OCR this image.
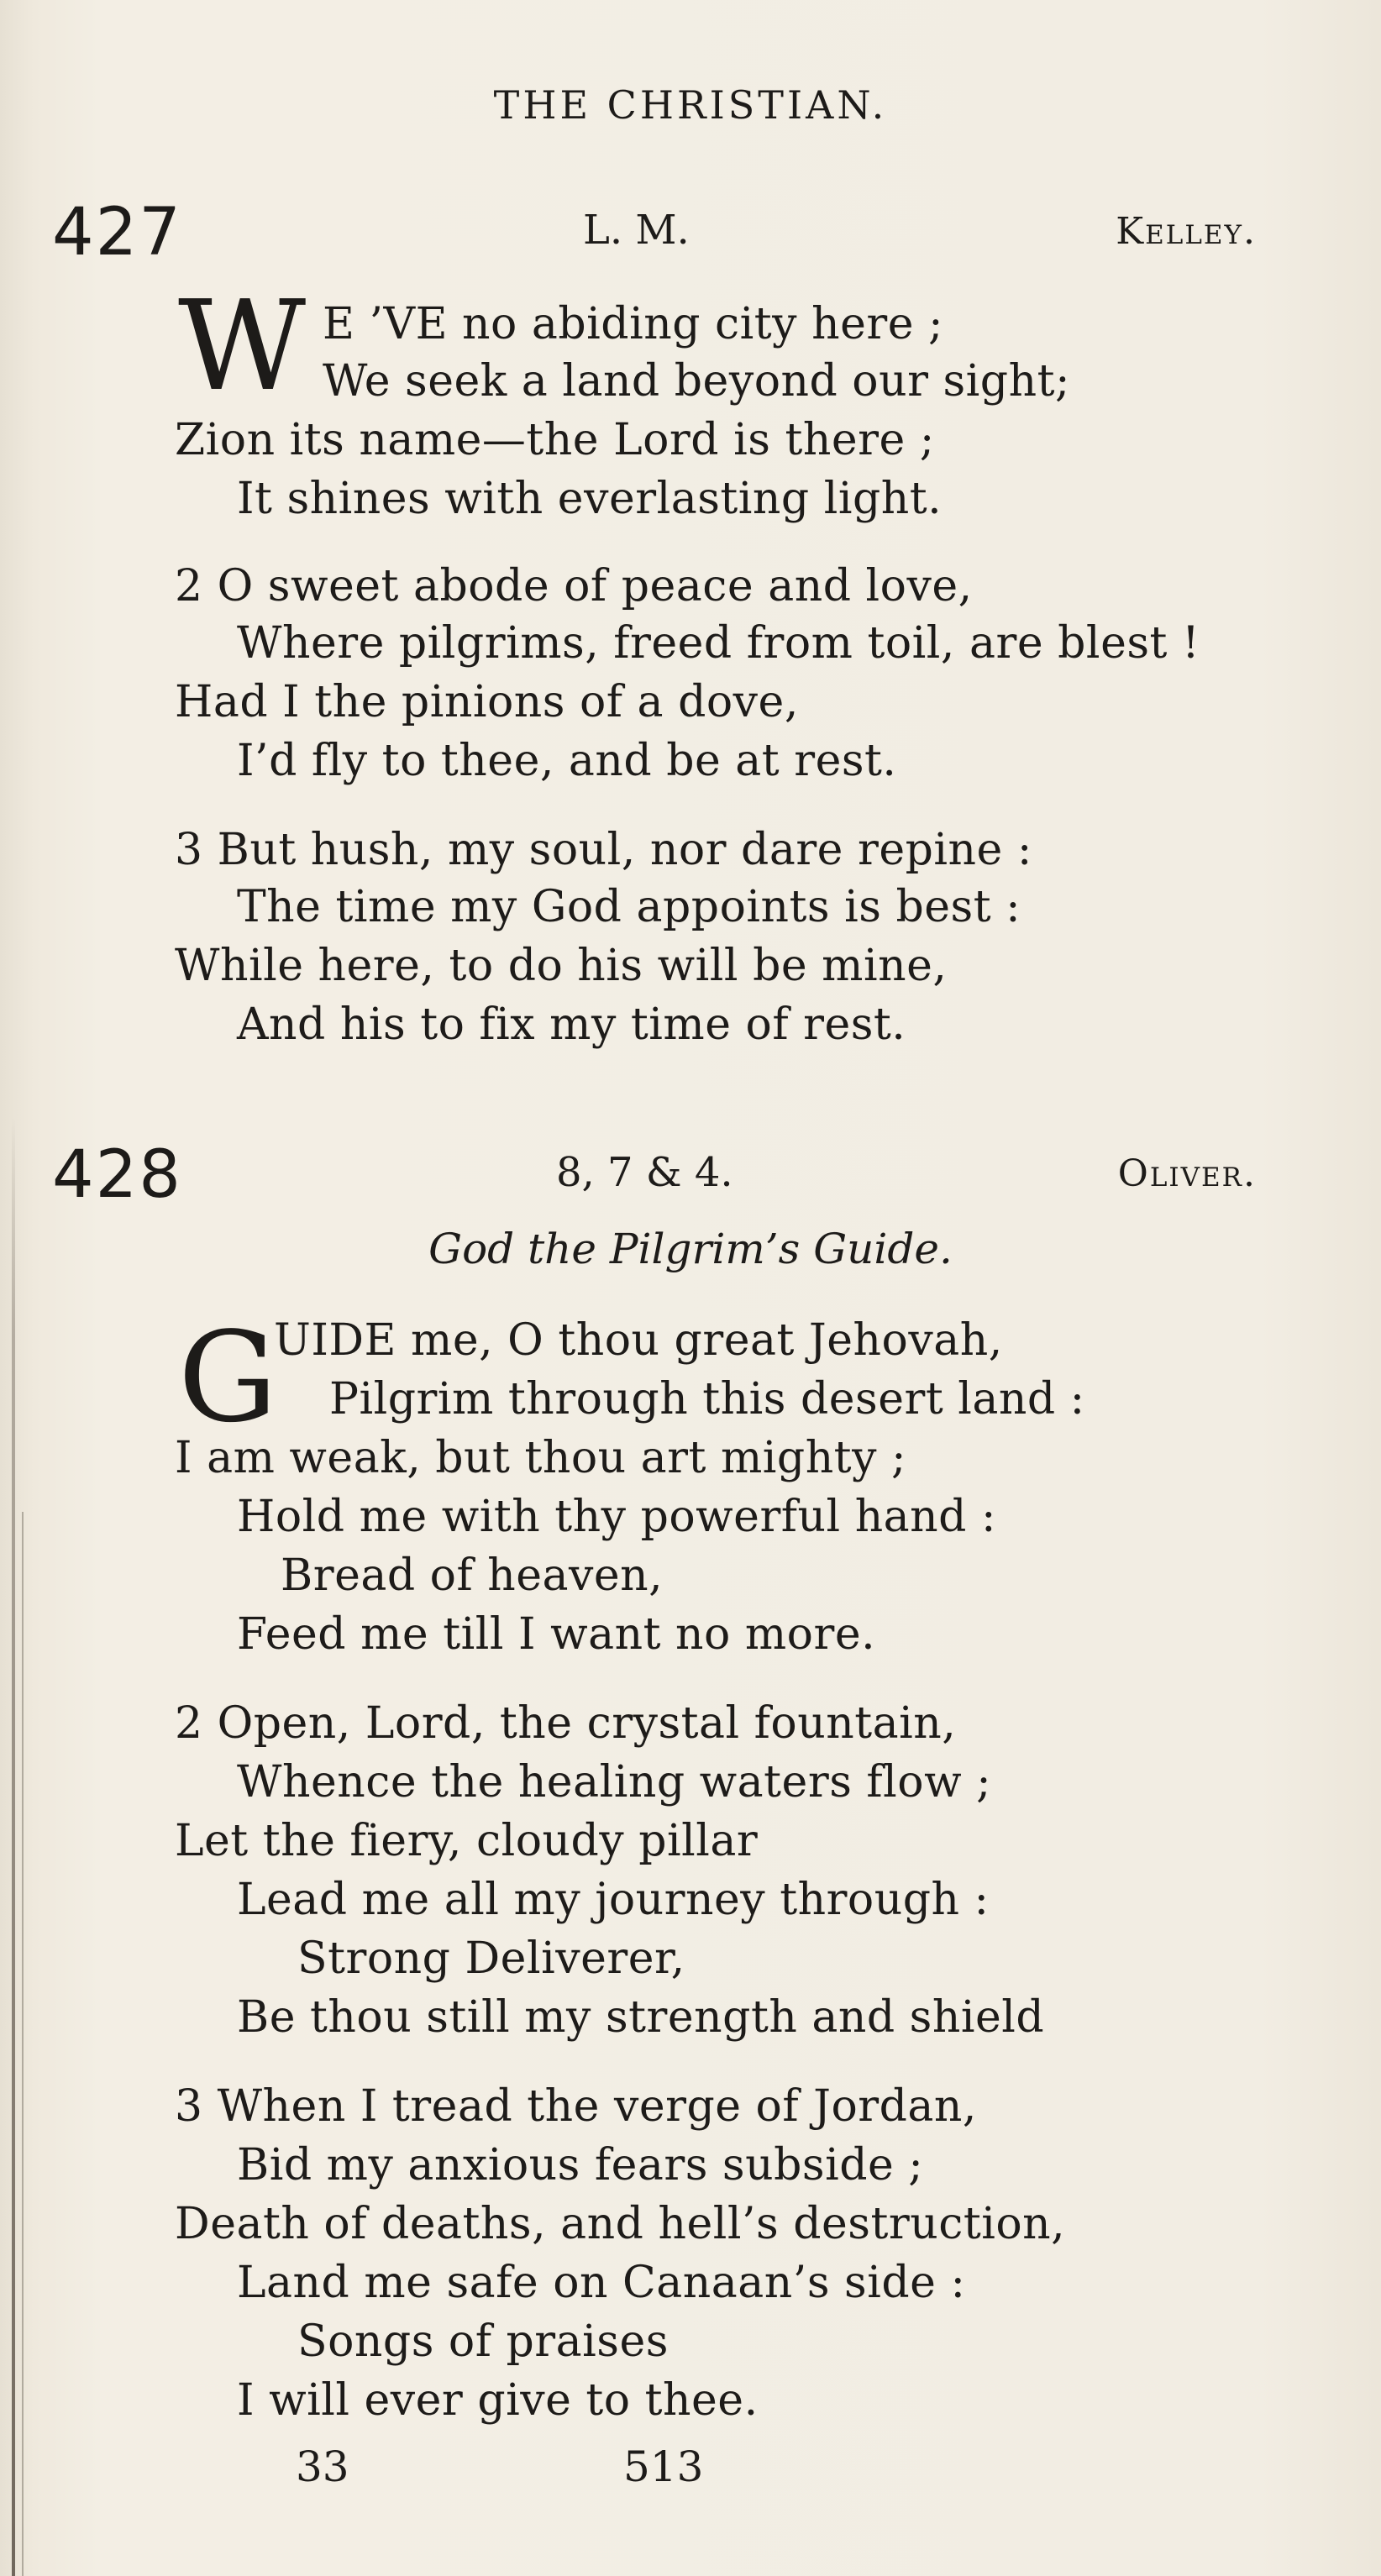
THE CHRISTIAN.
427	L. M.	Kelley.
W E ’VE no abiding city here ;
We seek a land beyond our sight;
Zion its name—the Lord is there ;
It shines with everlasting light.
2 O sweet abode of peace and love,
Where pilgrims, freed from toil, are blest !
Had I the pinions of a dove,
I’d fly to thee, and be at rest.
3 But hush, my soul, nor dare repine :
The time my God appoints is best :
While here, to do his will be mine,
And his to fix my time of rest.
428	8, 7 & 4.	Oliver.
God the Pilgrim’s Guide.
G
UIDE me, O thou great Jehovah,
Pilgrim through this desert land :
I am weak, but thou art mighty ;
Hold me with thy powerful hand :
Bread of heaven,
Feed me till I want no more.
2 Open, Lord, the crystal fountain,
Whence the healing waters flow ;
Let the fiery, cloudy pillar
Lead me all my journey through :
Strong Deliverer,
Be thou still my strength and shield
3 When I tread the verge of Jordan,
Bid my anxious fears subside ;
Death of deaths, and hell’s destruction,
Land me safe on Canaan’s side :
Songs of praises
I will ever give to thee.
33	513
